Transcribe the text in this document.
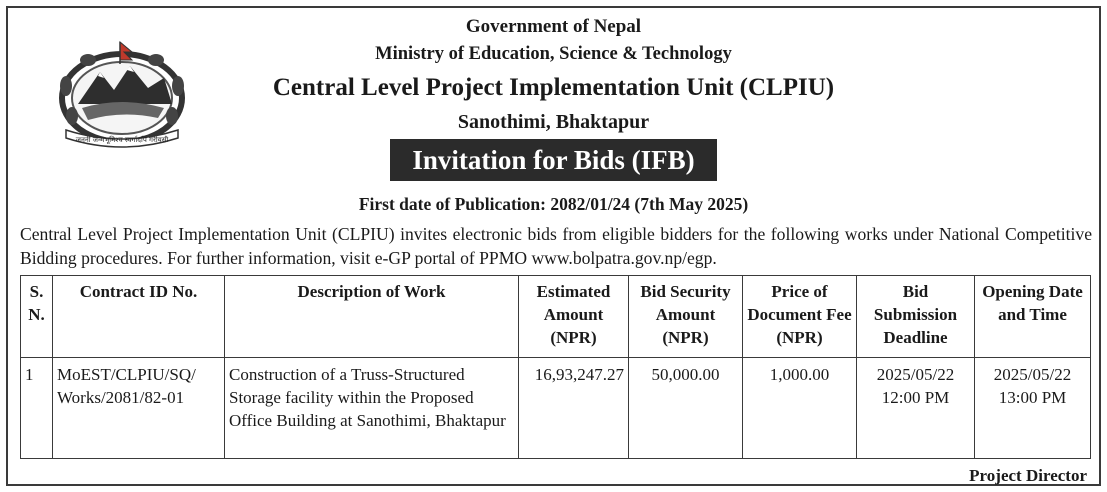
जननी जन्मभूमिश्च स्वर्गादपि गरीयसी
Government of Nepal
Ministry of Education, Science & Technology
Central Level Project Implementation Unit (CLPIU)
Sanothimi, Bhaktapur
Invitation for Bids (IFB)
First date of Publication: 2082/01/24 (7th May 2025)

Central Level Project Implementation Unit (CLPIU) invites electronic bids from eligible bidders for the following works under National Competitive Bidding procedures. For further information, visit e-GP portal of PPMO www.bolpatra.gov.np/egp.

S. N.	Contract ID No.	Description of Work	Estimated Amount (NPR)	Bid Security Amount (NPR)	Price of Document Fee (NPR)	Bid Submission Deadline	Opening Date and Time
1	MoEST/CLPIU/SQ/ Works/2081/82-01	Construction of a Truss-Structured Storage facility within the Proposed Office Building at Sanothimi, Bhaktapur	16,93,247.27	50,000.00	1,000.00	2025/05/22 12:00 PM	2025/05/22 13:00 PM
Project Director
